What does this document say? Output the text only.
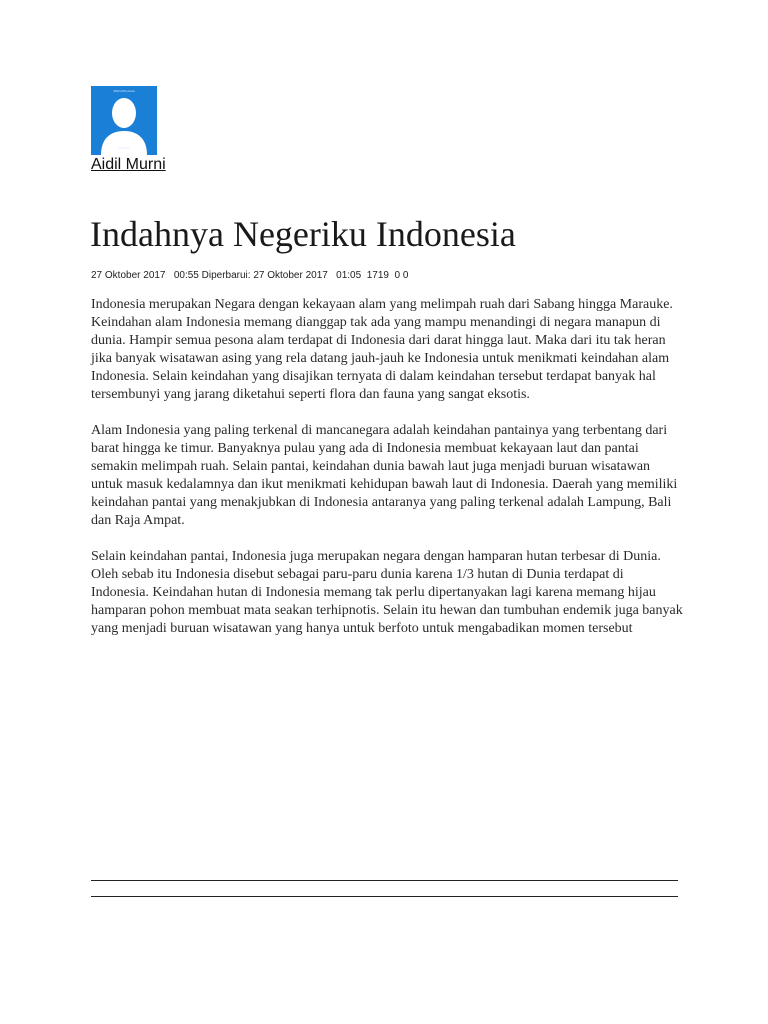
200x200 pixel
Ilustrasi
Aidil Murni
Indahnya Negeriku Indonesia
27 Oktober 2017   00:55 Diperbarui: 27 Oktober 2017   01:05  1719  0 0

Indonesia merupakan Negara dengan kekayaan alam yang melimpah ruah dari Sabang hingga Marauke. Keindahan alam Indonesia memang dianggap tak ada yang mampu menandingi di negara manapun di dunia. Hampir semua pesona alam terdapat di Indonesia dari darat hingga laut. Maka dari itu tak heran jika banyak wisatawan asing yang rela datang jauh-jauh ke Indonesia untuk menikmati keindahan alam Indonesia. Selain keindahan yang disajikan ternyata di dalam keindahan tersebut terdapat banyak hal tersembunyi yang jarang diketahui seperti flora dan fauna yang sangat eksotis.

Alam Indonesia yang paling terkenal di mancanegara adalah keindahan pantainya yang terbentang dari barat hingga ke timur. Banyaknya pulau yang ada di Indonesia membuat kekayaan laut dan pantai semakin melimpah ruah. Selain pantai, keindahan dunia bawah laut juga menjadi buruan wisatawan untuk masuk kedalamnya dan ikut menikmati kehidupan bawah laut di Indonesia. Daerah yang memiliki keindahan pantai yang menakjubkan di Indonesia antaranya yang paling terkenal adalah Lampung, Bali dan Raja Ampat.

Selain keindahan pantai, Indonesia juga merupakan negara dengan hamparan hutan terbesar di Dunia. Oleh sebab itu Indonesia disebut sebagai paru-paru dunia karena 1/3 hutan di Dunia terdapat di Indonesia. Keindahan hutan di Indonesia memang tak perlu dipertanyakan lagi karena memang hijau hamparan pohon membuat mata seakan terhipnotis. Selain itu hewan dan tumbuhan endemik juga banyak yang menjadi buruan wisatawan yang hanya untuk berfoto untuk mengabadikan momen tersebut
